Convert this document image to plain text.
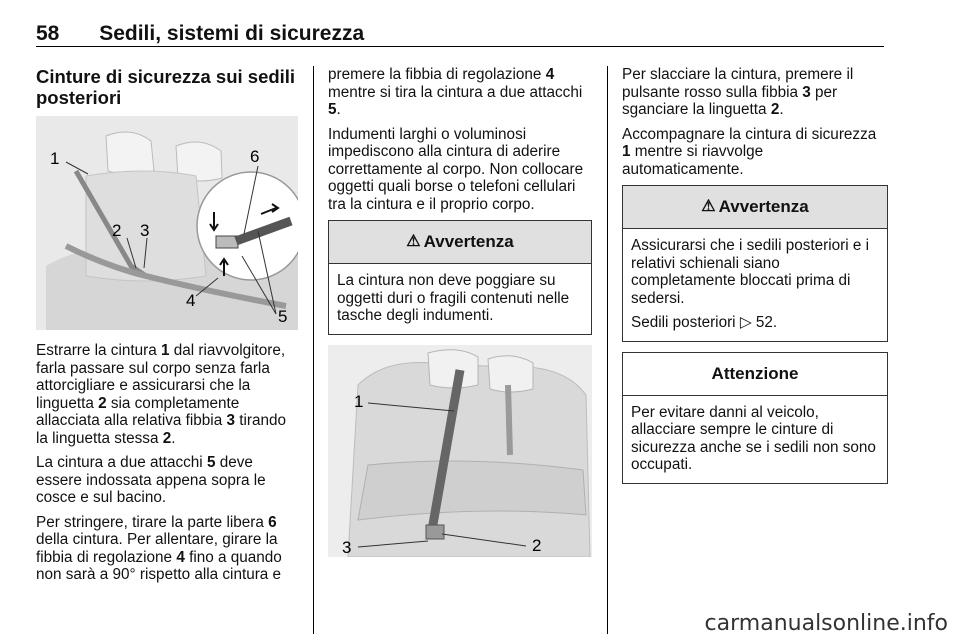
58 Sedili, sistemi di sicurezza
Cinture di sicurezza sui sedili posteriori
1
2 3
4
5
6

Estrarre la cintura 1 dal riavvolgitore, farla passare sul corpo senza farla attorcigliare e assicurarsi che la linguetta 2 sia completamente allacciata alla relativa fibbia 3 tirando la linguetta stessa 2.

La cintura a due attacchi 5 deve essere indossata appena sopra le cosce e sul bacino.

Per stringere, tirare la parte libera 6 della cintura. Per allentare, girare la fibbia di regolazione 4 fino a quando non sarà a 90° rispetto alla cintura e

premere la fibbia di regolazione 4 mentre si tira la cintura a due attacchi 5.

Indumenti larghi o voluminosi impediscono alla cintura di aderire correttamente al corpo. Non collocare oggetti quali borse o telefoni cellulari tra la cintura e il proprio corpo.

⚠ Avvertenza

La cintura non deve poggiare su oggetti duri o fragili contenuti nelle tasche degli indumenti.

1
2
3

Per slacciare la cintura, premere il pulsante rosso sulla fibbia 3 per sganciare la linguetta 2.

Accompagnare la cintura di sicurezza 1 mentre si riavvolge automaticamente.

⚠ Avvertenza

Assicurarsi che i sedili posteriori e i relativi schienali siano completamente bloccati prima di sedersi.

Sedili posteriori ▷ 52.

Attenzione

Per evitare danni al veicolo, allacciare sempre le cinture di sicurezza anche se i sedili non sono occupati.

carmanualsonline.info
